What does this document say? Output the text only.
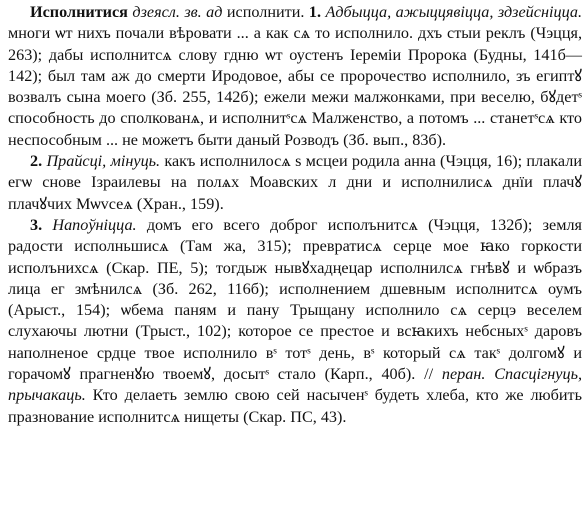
Исполнитися дзеясл. зв. ад исполнити. 1. Адбыцца, ажыццявіцца, здзейсніцца. многи ѡт нихъ почали вѣровати ... а как сѧ то исполнило. дхъ стыи реклъ (Чэцця, 263); дабы исполнитсѧ слову гдню ѡт оустенъ Іереміи Пророка (Будны, 141б—142); был там аж до смерти Иродовое, абы се пророчество исполнило, зъ египтꙋ возвалъ сына моего (Зб. 255, 142б); ежели межи малжонками, при веселю, бꙋдетˢ способность до сполкованѧ, и исполнитˢсѧ Малженство, а потомъ ... станетˢсѧ кто неспособным ... не можетъ быти даный Розводъ (Зб. вып., 83б).

2. Прайсці, мінуць. какъ исполнилосѧ ѕ мсцеи родила анна (Чэцця, 16); плакали егѡ снове Ізраилевы на полѧх Моавских л дни и исполнилисѧ днїи плачꙋ плачꙋчих Мѡvсеѧ (Хран., 159).

3. Напоўніцца. домъ его всего доброг исполънитсѧ (Чэцця, 132б); земля радости исполньшисѧ (Там жа, 315); превратисѧ серце мое ꙗко горкости исполънихсѧ (Скар. ПЕ, 5); тогдыж нывꙋхадңецар исполнилсѧ гнѣвꙋ и ѡбразъ лица ег змѣнилсѧ (Зб. 262, 116б); исполнением дшевным исполнитсѧ оумъ (Арыст., 154); ѡбема паням и пану Трыщану исполнило сѧ серцэ веселем слухаючы лютни (Трыст., 102); которое се престое и всꙗкихъ небсныхˢ даровъ наполненое срдце твое исполнило вˢ тотˢ день, вˢ который сѧ такˢ долгомꙋ и горачомꙋ прагненꙋю твоемꙋ, досытˢ стало (Карп., 40б). // перан. Спасцігнуць, прычакаць. Кто делаеть землю свою сей насыченˢ будеть хлеба, кто же любить празнование исполнитсѧ нищеты (Скар. ПС, 43).
